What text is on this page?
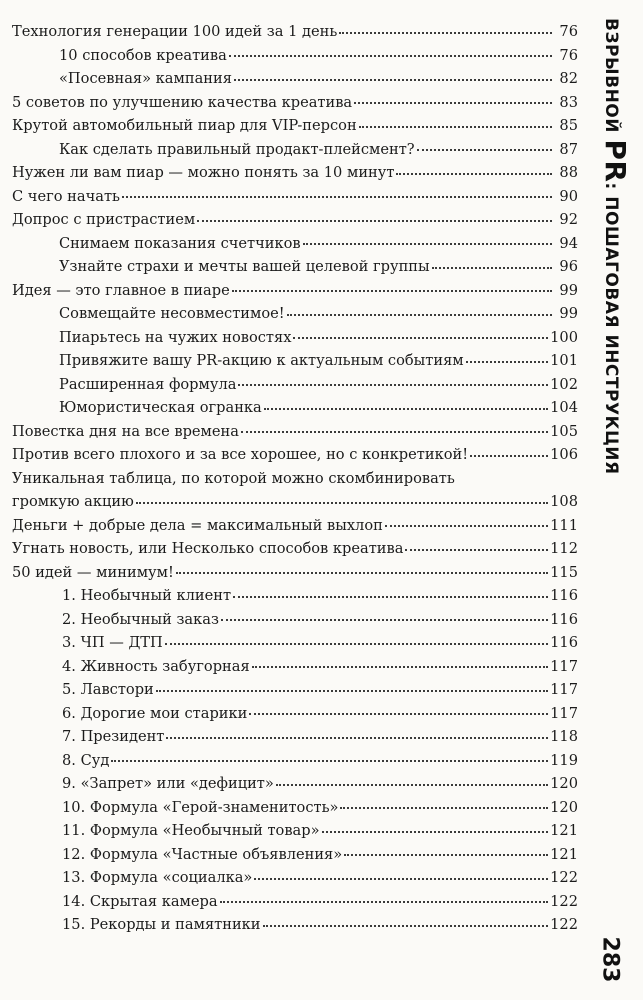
Технология генерации 100 идей за 1 день	76
10 способов креатива	76
«Посевная» кампания	82
5 советов по улучшению качества креатива	83
Крутой автомобильный пиар для VIP-персон	85
Как сделать правильный продакт-плейсмент?	87
Нужен ли вам пиар — можно понять за 10 минут	88
С чего начать	90
Допрос с пристрастием	92
Снимаем показания счетчиков	94
Узнайте страхи и мечты вашей целевой группы	96
Идея — это главное в пиаре	99
Совмещайте несовместимое!	99
Пиарьтесь на чужих новостях	100
Привяжите вашу PR-акцию к актуальным событиям	101
Расширенная формула	102
Юмористическая огранка	104
Повестка дня на все времена	105
Против всего плохого и за все хорошее, но с конкретикой!	106
Уникальная таблица, по которой можно скомбинировать
громкую акцию	108
Деньги + добрые дела = максимальный выхлоп	111
Угнать новость, или Несколько способов креатива	112
50 идей — минимум!	115
1. Необычный клиент	116
2. Необычный заказ	116
3. ЧП — ДТП	116
4. Живность забугорная	117
5. Лавстори	117
6. Дорогие мои старики	117
7. Президент	118
8. Суд	119
9. «Запрет» или «дефицит»	120
10. Формула «Герой-знаменитость»	120
11. Формула «Необычный товар»	121
12. Формула «Частные объявления»	121
13. Формула «социалка»	122
14. Скрытая камера	122
15. Рекорды и памятники	122
ВЗРЫВНОЙ PR: ПОШАГОВАЯ ИНСТРУКЦИЯ
283
